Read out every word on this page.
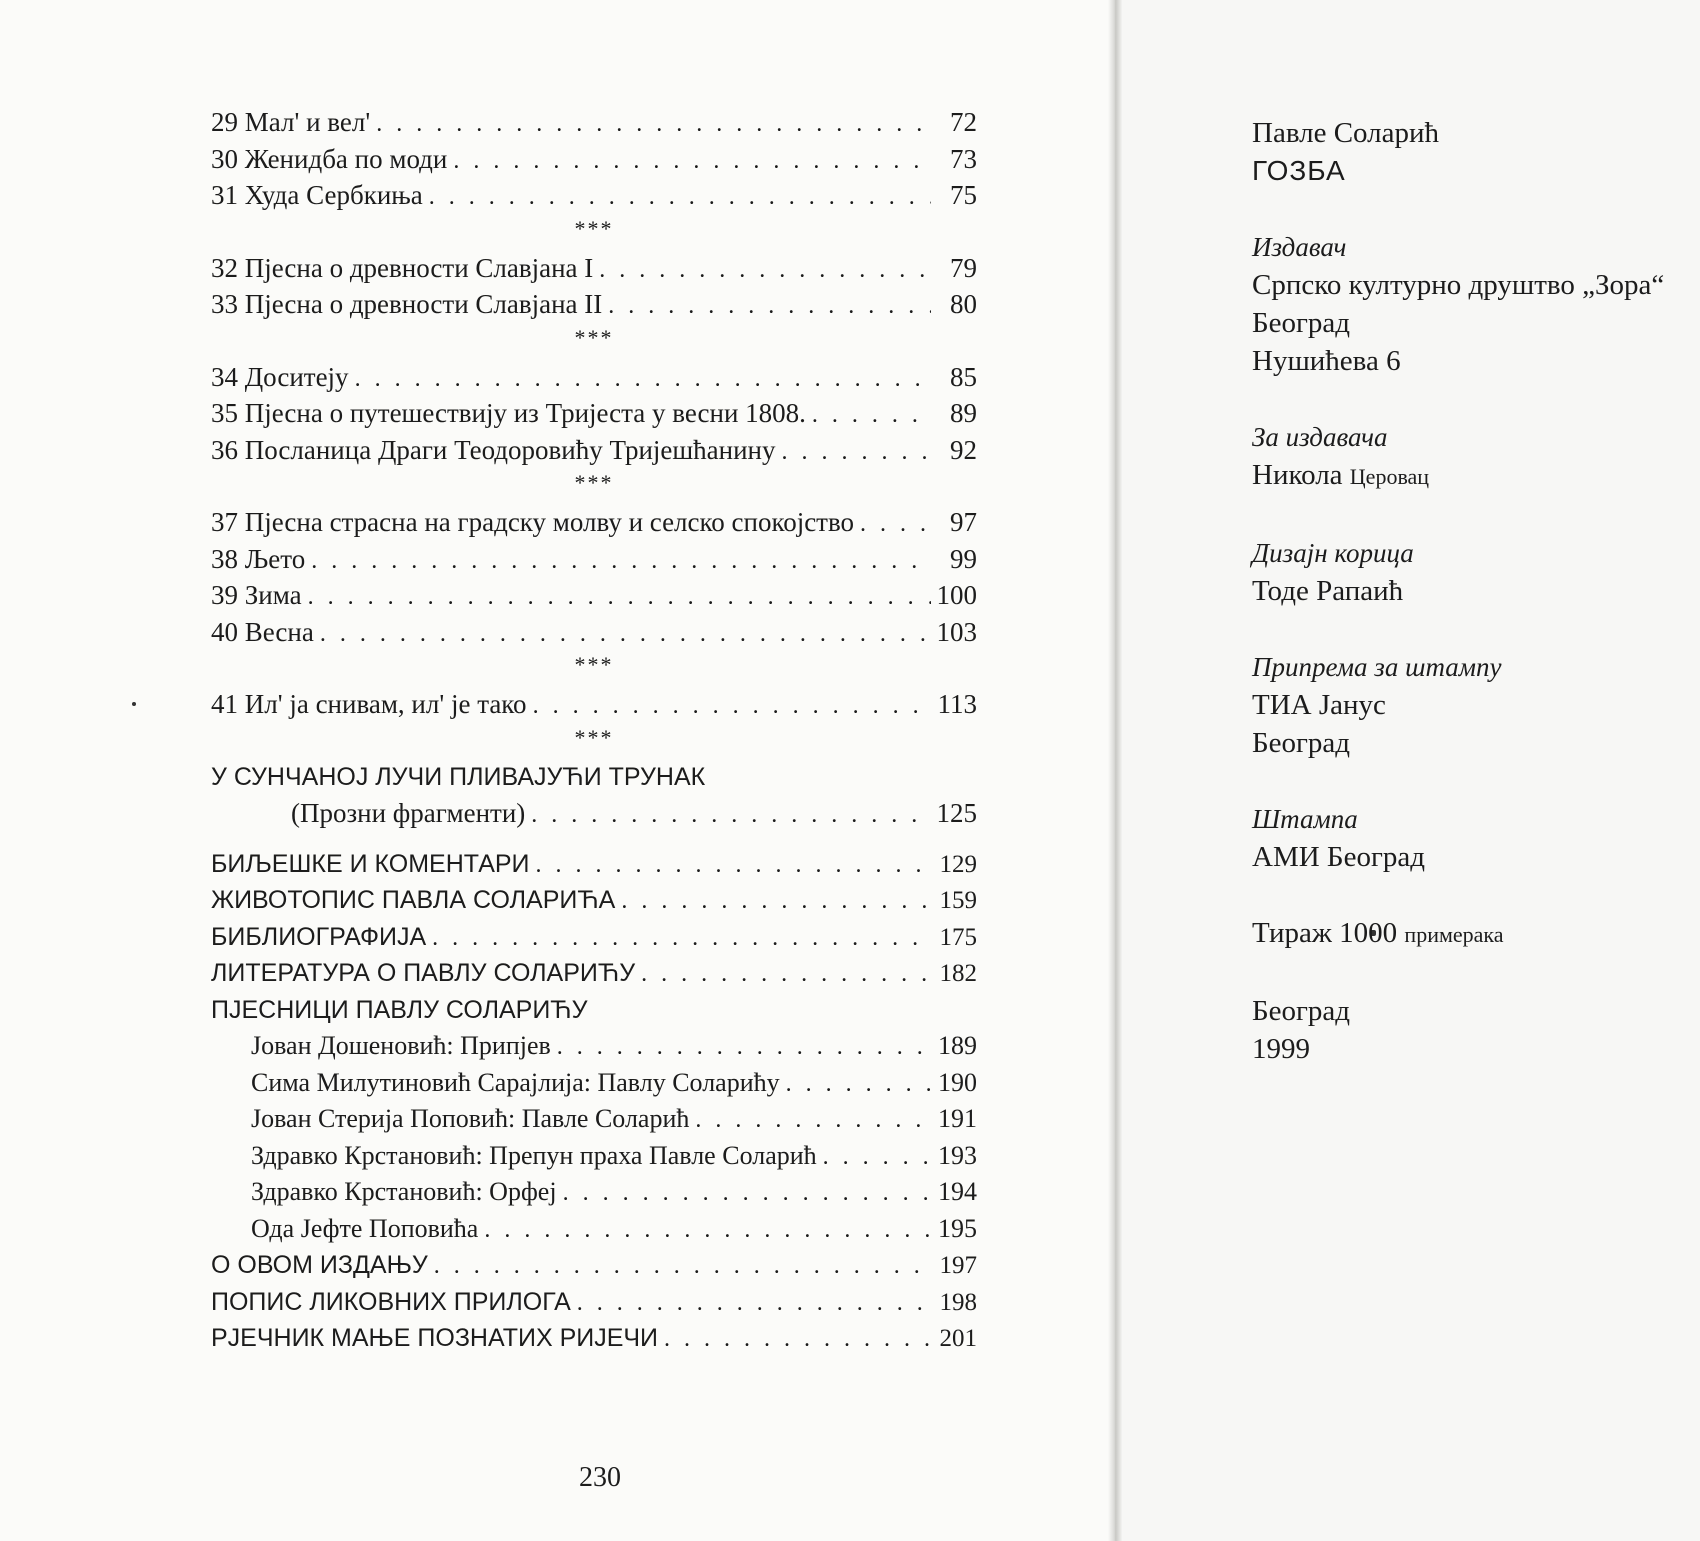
29 Мал' и вел' . . .	72
30 Женидба по моди . . .	73
31 Худа Сербкиња . . .	75
***
32 Пјесна о древности Славјана I . . .	79
33 Пјесна о древности Славјана II . . .	80
***
34 Доситеју . . .	85
35 Пјесна о путешествију из Тријеста у весни 1808. . . .	89
36 Посланица Драги Теодоровићу Тријешћанину . . .	92
***
37 Пјесна страсна на градску молву и селско спокојство . . .	97
38 Љето . . .	99
39 Зима . . .	100
40 Весна . . .	103
***
41 Ил' ја снивам, ил' је тако . . .	113
***
У СУНЧАНОЈ ЛУЧИ ПЛИВАЈУЋИ ТРУНАК
(Прозни фрагменти) . . .	125
БИЉЕШКЕ И КОМЕНТАРИ . . .	129
ЖИВОТОПИС ПАВЛА СОЛАРИЋА . . .	159
БИБЛИОГРАФИЈА . . .	175
ЛИТЕРАТУРА О ПАВЛУ СОЛАРИЋУ . . .	182
ПЈЕСНИЦИ ПАВЛУ СОЛАРИЋУ
Јован Дошеновић: Припјев . . .	189
Сима Милутиновић Сарајлија: Павлу Соларићу . . .	190
Јован Стерија Поповић: Павле Соларић . . .	191
Здравко Крстановић: Препун праха Павле Соларић . . .	193
Здравко Крстановић: Орфеј . . .	194
Ода Јефте Поповића . . .	195
О ОВОМ ИЗДАЊУ . . .	197
ПОПИС ЛИКОВНИХ ПРИЛОГА . . .	198
РЈЕЧНИК МАЊЕ ПОЗНАТИХ РИЈЕЧИ . . .	201
230
Павле Соларић
ГОЗБА
Издавач
Српско културно друштво „Зора“
Београд
Нушићева 6
За издавача
Никола Церовац
Дизајн корица
Тоде Рапаић
Припрема за штампу
ТИА Јанус
Београд
Штампа
АМИ Београд
Тираж 1000 примерака
Београд
1999
